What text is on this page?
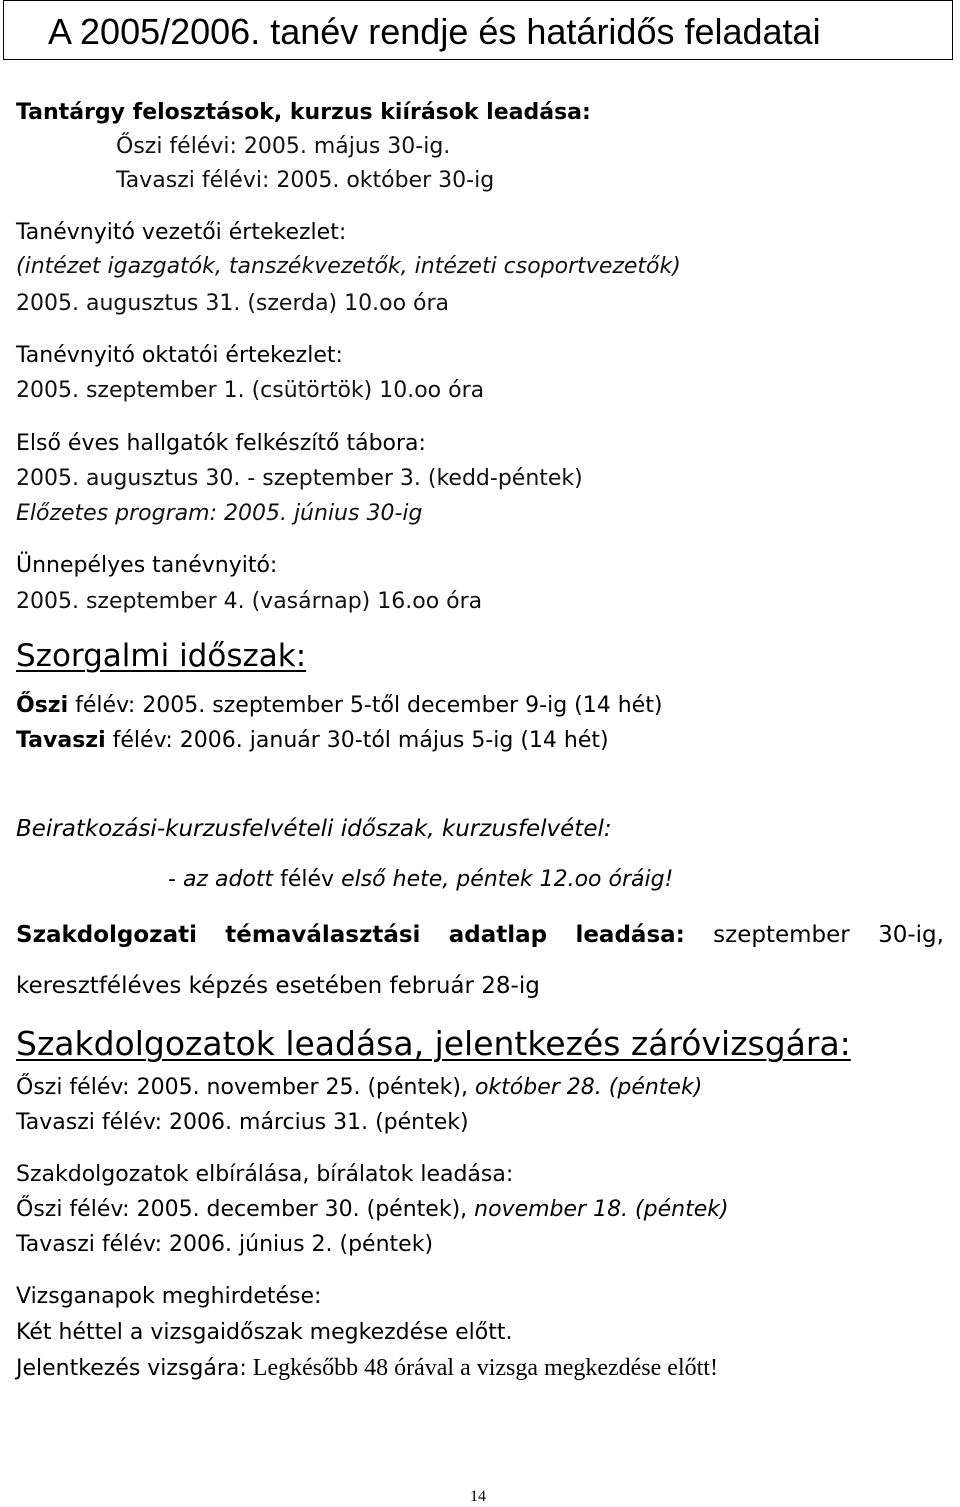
A 2005/2006. tanév rendje és határidős feladatai
Tantárgy felosztások, kurzus kiírások leadása:
Őszi félévi: 2005. május 30-ig.
Tavaszi félévi: 2005. október 30-ig
Tanévnyitó vezetői értekezlet:
(intézet igazgatók, tanszékvezetők, intézeti csoportvezetők)
2005. augusztus 31. (szerda) 10.oo óra
Tanévnyitó oktatói értekezlet:
2005. szeptember 1. (csütörtök) 10.oo óra
Első éves hallgatók felkészítő tábora:
2005. augusztus 30. - szeptember 3. (kedd-péntek)
Előzetes program: 2005. június 30-ig
Ünnepélyes tanévnyitó:
2005. szeptember 4. (vasárnap) 16.oo óra
Szorgalmi időszak:
Őszi félév: 2005. szeptember 5-től december 9-ig (14 hét)
Tavaszi félév: 2006. január 30-tól május 5-ig (14 hét)
Beiratkozási-kurzusfelvételi időszak, kurzusfelvétel:
- az adott félév első hete, péntek 12.oo óráig!
Szakdolgozati témaválasztási adatlap leadása: szeptember 30-ig,
keresztféléves képzés esetében február 28-ig
Szakdolgozatok leadása, jelentkezés záróvizsgára:
Őszi félév: 2005. november 25. (péntek), október 28. (péntek)
Tavaszi félév: 2006. március 31. (péntek)
Szakdolgozatok elbírálása, bírálatok leadása:
Őszi félév: 2005. december 30. (péntek), november 18. (péntek)
Tavaszi félév: 2006. június 2. (péntek)
Vizsganapok meghirdetése:
Két héttel a vizsgaidőszak megkezdése előtt.
Jelentkezés vizsgára: Legkésőbb 48 órával a vizsga megkezdése előtt!
14
